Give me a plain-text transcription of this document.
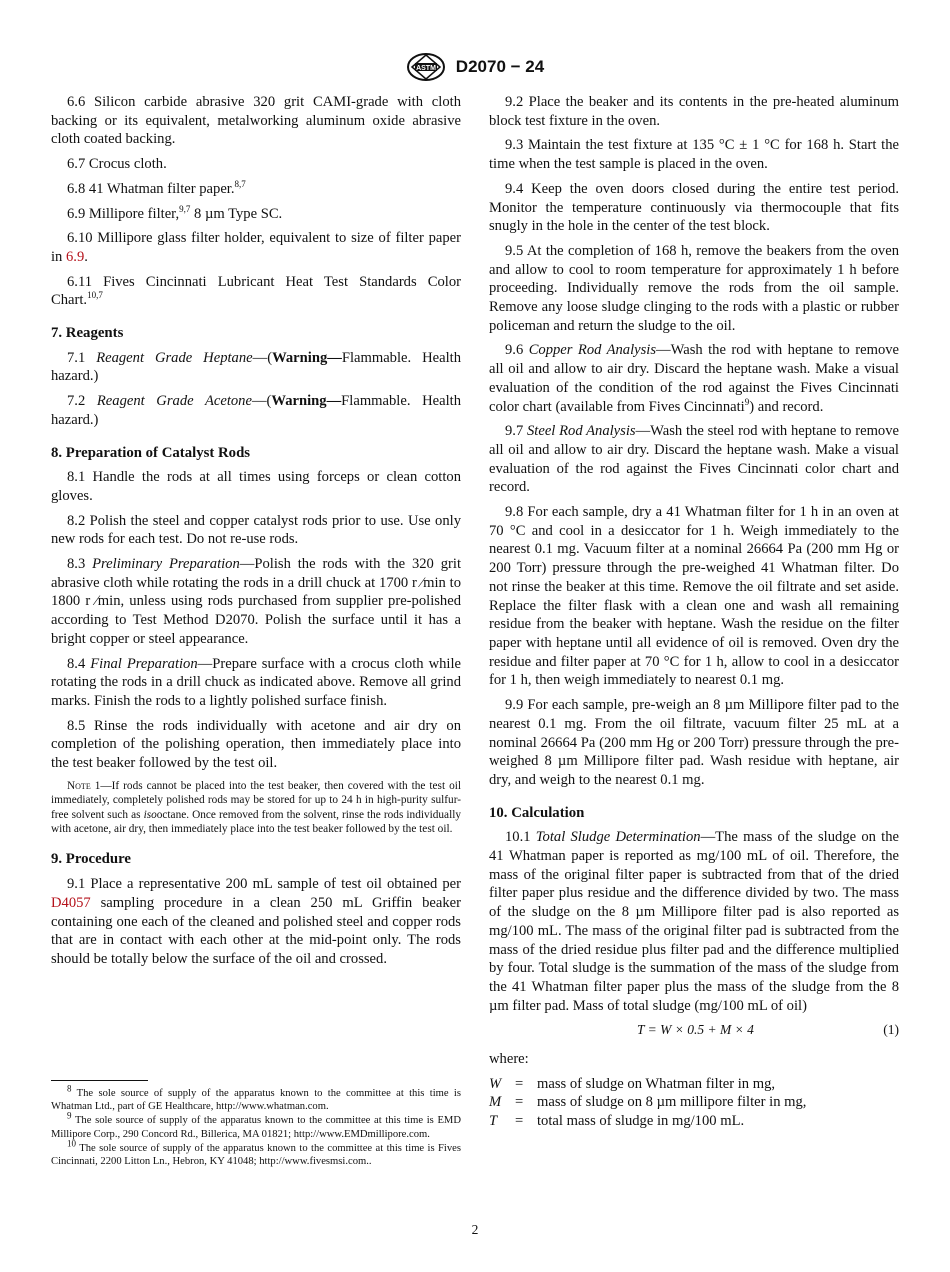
ASTM D2070 − 24

6.6 Silicon carbide abrasive 320 grit CAMI-grade with cloth backing or its equivalent, metalworking aluminum oxide abrasive cloth coated backing.

6.7 Crocus cloth.

6.8 41 Whatman filter paper.$^{8,7}$

6.9 Millipore filter,$^{9,7}$ 8 µm Type SC.

6.10 Millipore glass filter holder, equivalent to size of filter paper in 6.9.

6.11 Fives Cincinnati Lubricant Heat Test Standards Color Chart.$^{10,7}$

7. Reagents

7.1 Reagent Grade Heptane—(Warning—Flammable. Health hazard.)

7.2 Reagent Grade Acetone—(Warning—Flammable. Health hazard.)

8. Preparation of Catalyst Rods

8.1 Handle the rods at all times using forceps or clean cotton gloves.

8.2 Polish the steel and copper catalyst rods prior to use. Use only new rods for each test. Do not re-use rods.

8.3 Preliminary Preparation—Polish the rods with the 320 grit abrasive cloth while rotating the rods in a drill chuck at 1700 r ⁄min to 1800 r ⁄min, unless using rods purchased from supplier pre-polished according to Test Method D2070. Polish the surface until it has a bright copper or steel appearance.

8.4 Final Preparation—Prepare surface with a crocus cloth while rotating the rods in a drill chuck as indicated above. Remove all grind marks. Finish the rods to a lightly polished surface finish.

8.5 Rinse the rods individually with acetone and air dry on completion of the polishing operation, then immediately place into the test beaker followed by the test oil.

Note 1—If rods cannot be placed into the test beaker, then covered with the test oil immediately, completely polished rods may be stored for up to 24 h in high-purity sulfur-free solvent such as isooctane. Once removed from the solvent, rinse the rods individually with acetone, air dry, then immediately place into the test beaker followed by the test oil.

9. Procedure

9.1 Place a representative 200 mL sample of test oil obtained per D4057 sampling procedure in a clean 250 mL Griffin beaker containing one each of the cleaned and polished steel and copper rods that are in contact with each other at the mid-point only. The rods should be totally below the surface of the oil and crossed.

$^8$ The sole source of supply of the apparatus known to the committee at this time is Whatman Ltd., part of GE Healthcare, http://www.whatman.com.

$^9$ The sole source of supply of the apparatus known to the committee at this time is EMD Millipore Corp., 290 Concord Rd., Billerica, MA 01821; http://www.EMDmillipore.com.

$^{10}$ The sole source of supply of the apparatus known to the committee at this time is Fives Cincinnati, 2200 Litton Ln., Hebron, KY 41048; http://www.fivesmsi.com..

9.2 Place the beaker and its contents in the pre-heated aluminum block test fixture in the oven.

9.3 Maintain the test fixture at 135 °C ± 1 °C for 168 h. Start the time when the test sample is placed in the oven.

9.4 Keep the oven doors closed during the entire test period. Monitor the temperature continuously via thermocouple that fits snugly in the hole in the center of the test block.

9.5 At the completion of 168 h, remove the beakers from the oven and allow to cool to room temperature for approximately 1 h before proceeding. Individually remove the rods from the oil sample. Remove any loose sludge clinging to the rods with a plastic or rubber policeman and return the sludge to the oil.

9.6 Copper Rod Analysis—Wash the rod with heptane to remove all oil and allow to air dry. Discard the heptane wash. Make a visual evaluation of the condition of the rod against the Fives Cincinnati color chart (available from Fives Cincinnati$^9$) and record.

9.7 Steel Rod Analysis—Wash the steel rod with heptane to remove all oil and allow to air dry. Discard the heptane wash. Make a visual evaluation of the rod against the Fives Cincinnati color chart and record.

9.8 For each sample, dry a 41 Whatman filter for 1 h in an oven at 70 °C and cool in a desiccator for 1 h. Weigh immediately to the nearest 0.1 mg. Vacuum filter at a nominal 26664 Pa (200 mm Hg or 200 Torr) pressure through the pre-weighed 41 Whatman filter. Do not rinse the beaker at this time. Remove the oil filtrate and set aside. Replace the filter flask with a clean one and wash all remaining residue from the beaker with heptane. Wash the residue on the filter paper with heptane until all evidence of oil is removed. Oven dry the residue and filter paper at 70 °C for 1 h, allow to cool in a desiccator for 1 h, then weigh immediately to nearest 0.1 mg.

9.9 For each sample, pre-weigh an 8 µm Millipore filter pad to the nearest 0.1 mg. From the oil filtrate, vacuum filter 25 mL at a nominal 26664 Pa (200 mm Hg or 200 Torr) pressure through the pre-weighed 8 µm Millipore filter pad. Wash residue with heptane, air dry, and weigh to the nearest 0.1 mg.

10. Calculation

10.1 Total Sludge Determination—The mass of the sludge on the 41 Whatman paper is reported as mg/100 mL of oil. Therefore, the mass of the original filter paper is subtracted from that of the dried filter paper plus residue and the difference divided by two. The mass of the sludge on the 8 µm Millipore filter pad is also reported as mg/100 mL. The mass of the original filter pad is subtracted from the mass of the dried residue plus filter pad and the difference multiplied by four. Total sludge is the summation of the mass of the sludge from the 41 Whatman filter paper plus the mass of the sludge from the 8 µm filter pad. Mass of total sludge (mg/100 mL of oil)

T = W × 0.5 + M × 4	(1)

where:

W = mass of sludge on Whatman filter in mg,
M = mass of sludge on 8 µm millipore filter in mg,
T	= total mass of sludge in mg/100 mL.
2
